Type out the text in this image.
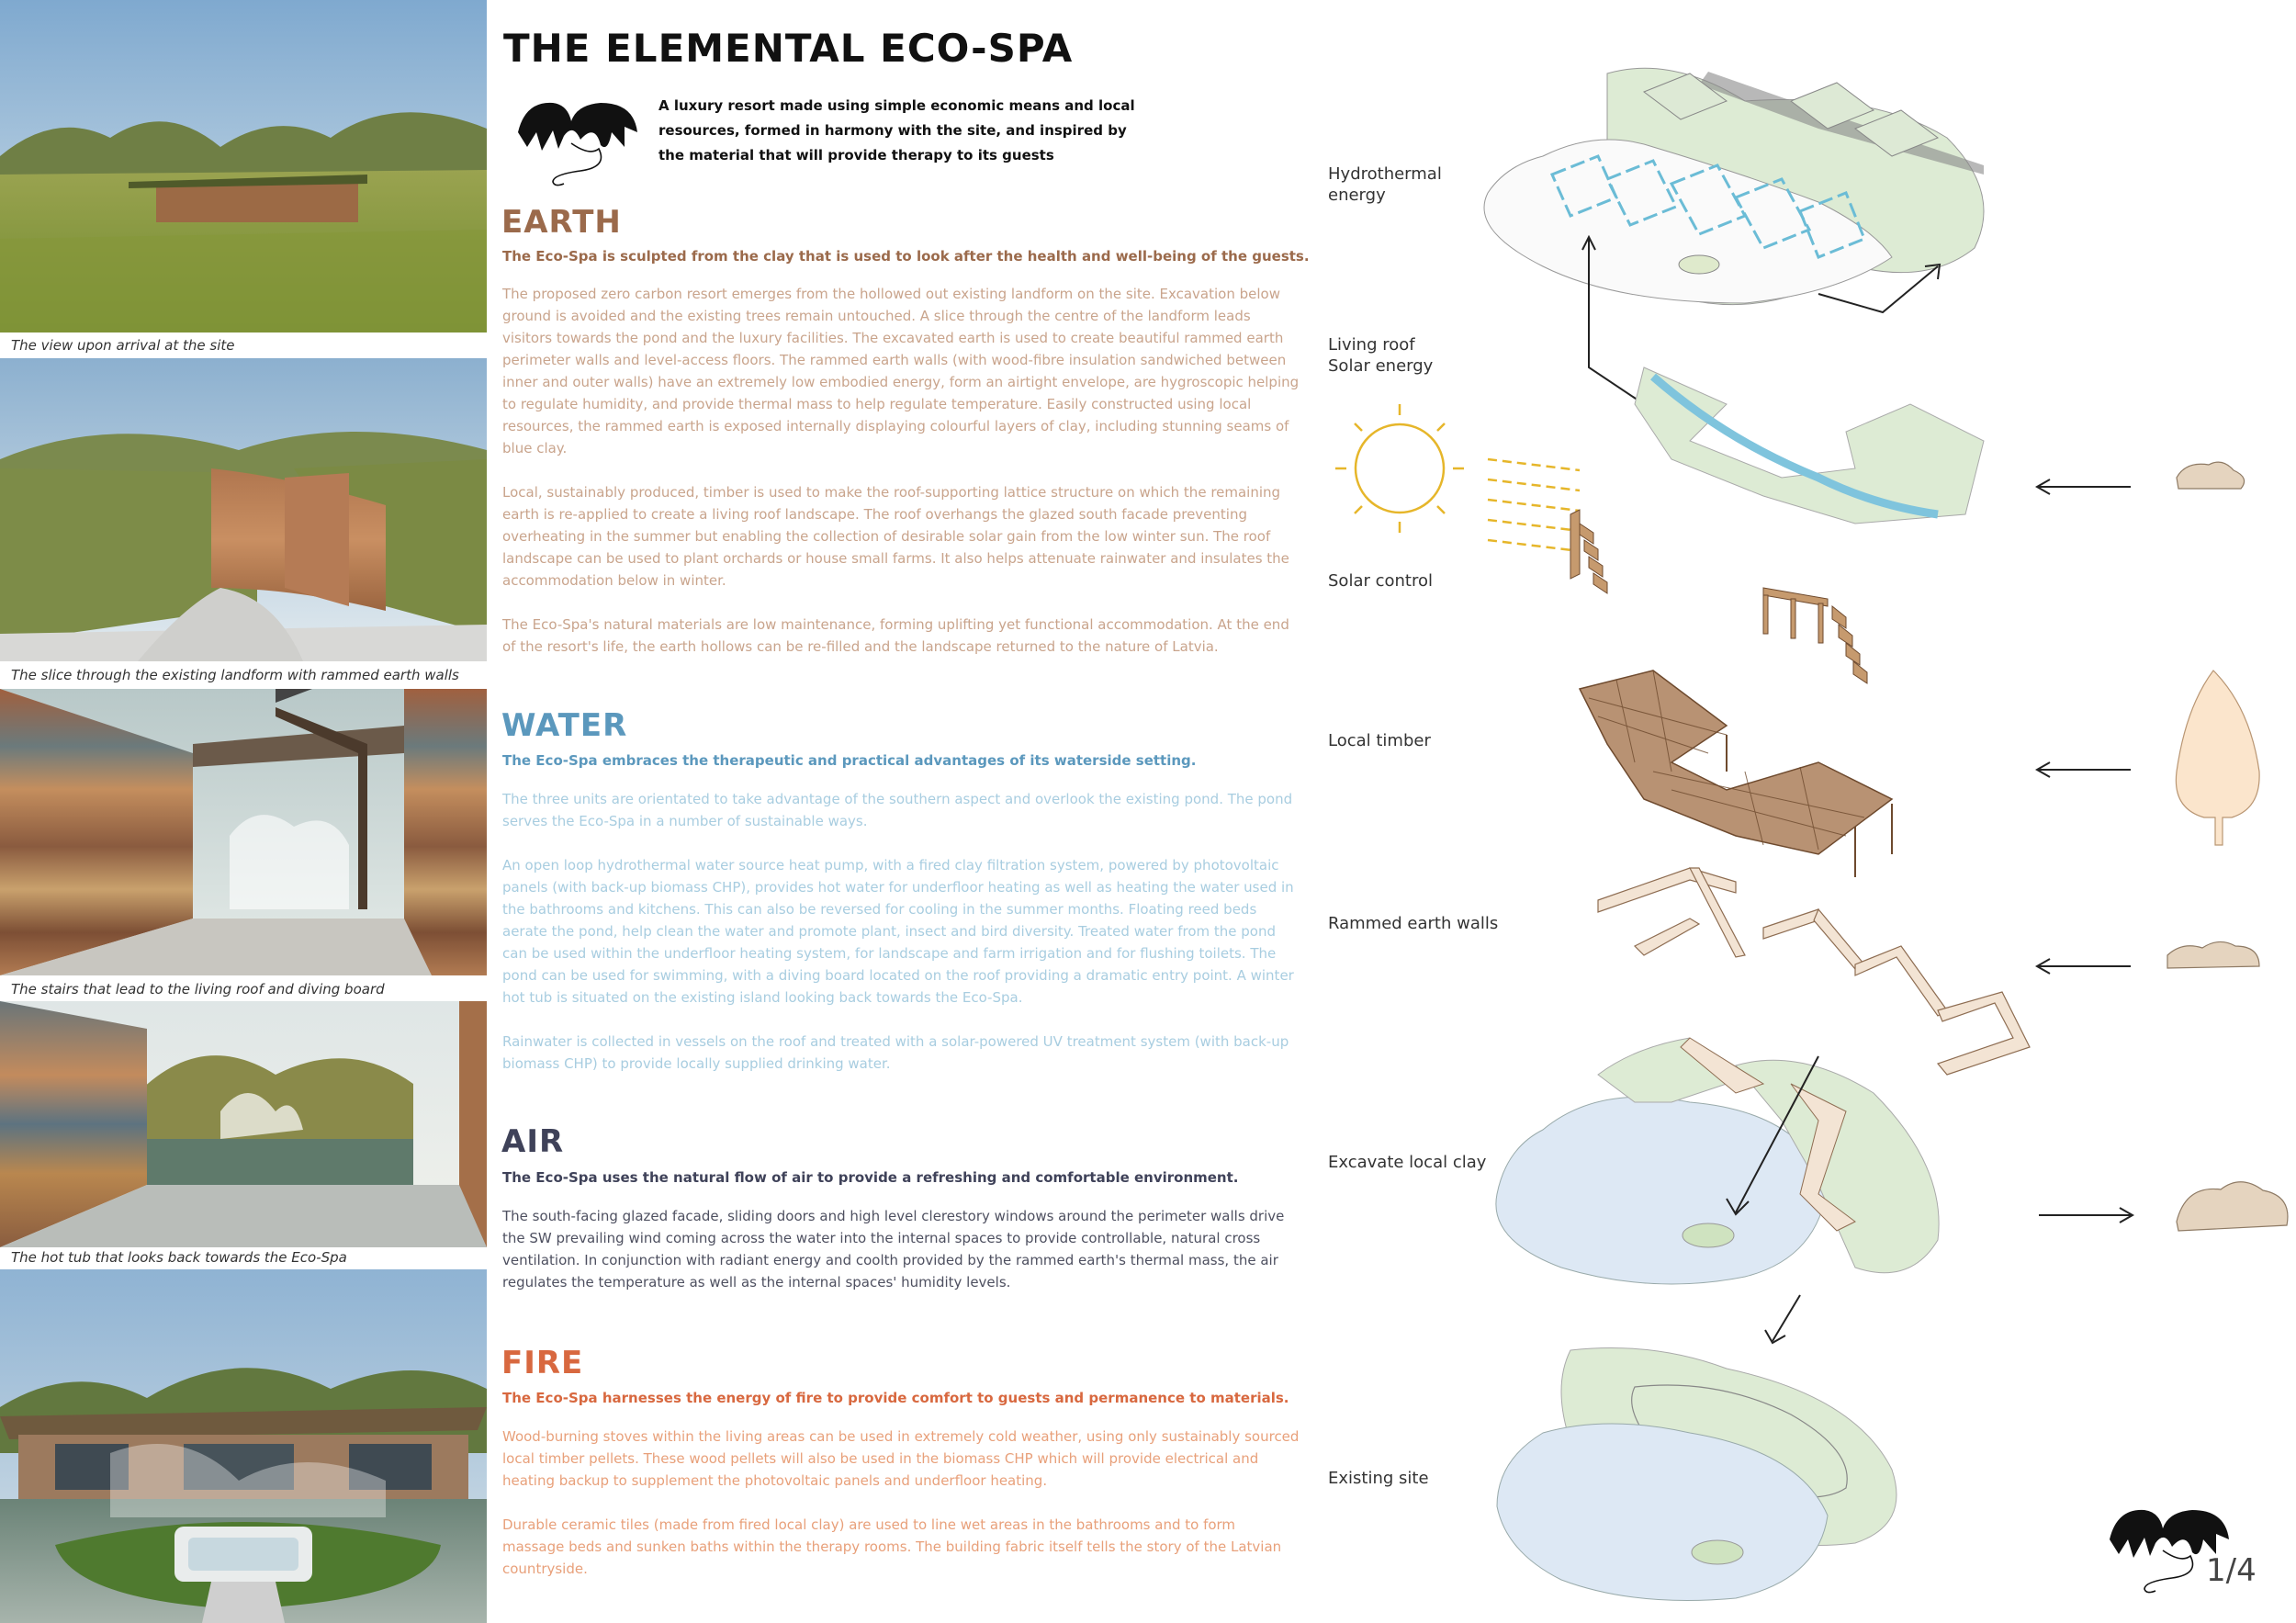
The view upon arrival at the site
The slice through the existing landform with rammed earth walls
The stairs that lead to the living roof and diving board
The hot tub that looks back towards the Eco-Spa
THE ELEMENTAL ECO-SPA
A luxury resort made using simple economic means and local resources, formed in harmony with the site, and inspired by the material that will provide therapy to its guests
EARTH
The Eco-Spa is sculpted from the clay that is used to look after the health and well-being of the guests.
The proposed zero carbon resort emerges from the hollowed out existing landform on the site. Excavation below ground is avoided and the existing trees remain untouched. A slice through the centre of the landform leads visitors towards the pond and the luxury facilities. The excavated earth is used to create beautiful rammed earth perimeter walls and level-access floors. The rammed earth walls (with wood-fibre insulation sandwiched between inner and outer walls) have an extremely low embodied energy, form an airtight envelope, are hygroscopic helping to regulate humidity, and provide thermal mass to help regulate temperature. Easily constructed using local resources, the rammed earth is exposed internally displaying colourful layers of clay, including stunning seams of blue clay.
Local, sustainably produced, timber is used to make the roof-supporting lattice structure on which the remaining earth is re-applied to create a living roof landscape. The roof overhangs the glazed south facade preventing overheating in the summer but enabling the collection of desirable solar gain from the low winter sun. The roof landscape can be used to plant orchards or house small farms. It also helps attenuate rainwater and insulates the accommodation below in winter.
The Eco-Spa's natural materials are low maintenance, forming uplifting yet functional accommodation. At the end of the resort's life, the earth hollows can be re-filled and the landscape returned to the nature of Latvia.
WATER
The Eco-Spa embraces the therapeutic and practical advantages of its waterside setting.
The three units are orientated to take advantage of the southern aspect and overlook the existing pond. The pond serves the Eco-Spa in a number of sustainable ways.
An open loop hydrothermal water source heat pump, with a fired clay filtration system, powered by photovoltaic panels (with back-up biomass CHP), provides hot water for underfloor heating as well as heating the water used in the bathrooms and kitchens. This can also be reversed for cooling in the summer months. Floating reed beds aerate the pond, help clean the water and promote plant, insect and bird diversity. Treated water from the pond can be used within the underfloor heating system, for landscape and farm irrigation and for flushing toilets. The pond can be used for swimming, with a diving board located on the roof providing a dramatic entry point. A winter hot tub is situated on the existing island looking back towards the Eco-Spa.
Rainwater is collected in vessels on the roof and treated with a solar-powered UV treatment system (with back-up biomass CHP) to provide locally supplied drinking water.
AIR
The Eco-Spa uses the natural flow of air to provide a refreshing and comfortable environment.
The south-facing glazed facade, sliding doors and high level clerestory windows around the perimeter walls drive the SW prevailing wind coming across the water into the internal spaces to provide controllable, natural cross ventilation. In conjunction with radiant energy and coolth provided by the rammed earth's thermal mass, the air regulates the temperature as well as the internal spaces' humidity levels.
FIRE
The Eco-Spa harnesses the energy of fire to provide comfort to guests and permanence to materials.
Wood-burning stoves within the living areas can be used in extremely cold weather, using only sustainably sourced local timber pellets. These wood pellets will also be used in the biomass CHP which will provide electrical and heating backup to supplement the photovoltaic panels and underfloor heating.
Durable ceramic tiles (made from fired local clay) are used to line wet areas in the bathrooms and to form massage beds and sunken baths within the therapy rooms. The building fabric itself tells the story of the Latvian countryside.
Hydrothermal
energy
Living roof
Solar energy
Solar control
Local timber
Rammed earth walls
Excavate local clay
Existing site
1/4
